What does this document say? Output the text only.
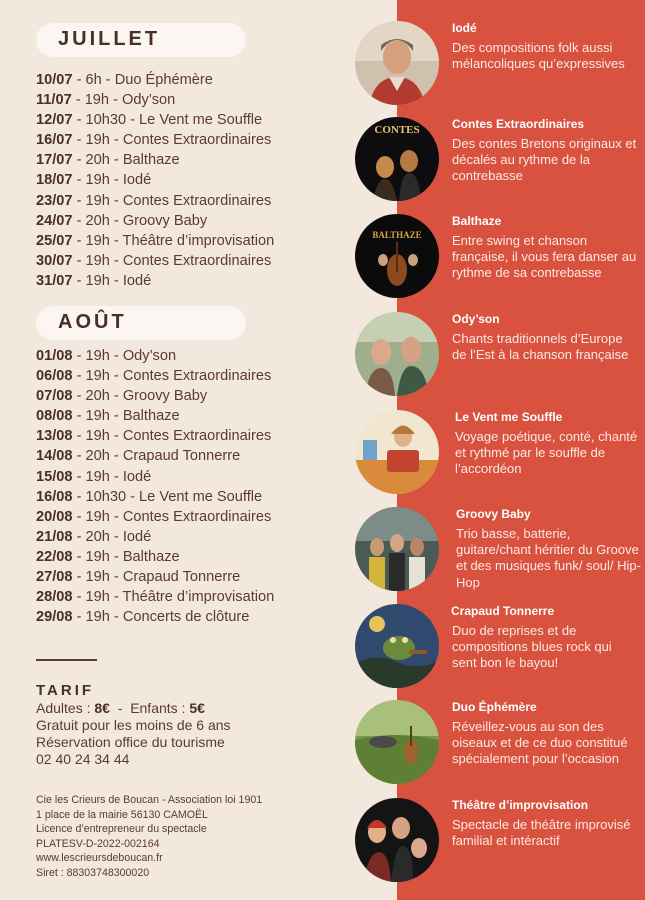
JUILLET
10/07 - 6h - Duo Éphémère
11/07 - 19h - Ody’son
12/07 - 10h30 - Le Vent me Souffle
16/07 - 19h - Contes Extraordinaires
17/07 - 20h - Balthaze
18/07 - 19h - Iodé
23/07 - 19h - Contes Extraordinaires
24/07 - 20h - Groovy Baby
25/07 - 19h - Théâtre d’improvisation
30/07 - 19h - Contes Extraordinaires
31/07 - 19h - Iodé
AOÛT
01/08 - 19h - Ody’son
06/08 - 19h - Contes Extraordinaires
07/08 - 20h - Groovy Baby
08/08 - 19h - Balthaze
13/08 - 19h - Contes Extraordinaires
14/08 - 20h - Crapaud Tonnerre
15/08 - 19h - Iodé
16/08 - 10h30 - Le Vent me Souffle
20/08 - 19h - Contes Extraordinaires
21/08 - 20h - Iodé
22/08 - 19h - Balthaze
27/08 - 19h - Crapaud Tonnerre
28/08 - 19h - Théâtre d’improvisation
29/08 - 19h - Concerts de clôture
TARIF
Adultes : 8€  -  Enfants : 5€
Gratuit pour les moins de 6 ans
Réservation office du tourisme
02 40 24 34 44
Cie les Crieurs de Boucan - Association loi 1901
1 place de la mairie 56130 CAMOËL
Licence d’entrepreneur du spectacle
PLATESV-D-2022-002164
www.lescrieursdeboucan.fr
Siret : 88303748300020
Iodé
Des compositions folk aussi mélancoliques qu’expressives
CONTES	Contes Extraordinaires
Des contes Bretons originaux et décalés au rythme de la contrebasse
BALTHAZE
Balthaze
Entre swing et chanson française, il vous fera danser au rythme de sa contrebasse
Ody’son
Chants traditionnels d’Europe de l’Est à la chanson française
Le Vent me Souffle
Voyage poétique, conté, chanté et rythmé par le souffle de l’accordéon
Groovy Baby
Trio basse, batterie, guitare/chant héritier du Groove et des musiques funk/ soul/ Hip-Hop
Crapaud Tonnerre
Duo de reprises et de compositions blues rock qui sent bon le bayou!
Duo Éphémère
Réveillez-vous au son des oiseaux et de ce duo constitué spécialement pour l’occasion
Théâtre d’improvisation
Spectacle de théâtre improvisé familial et intéractif
